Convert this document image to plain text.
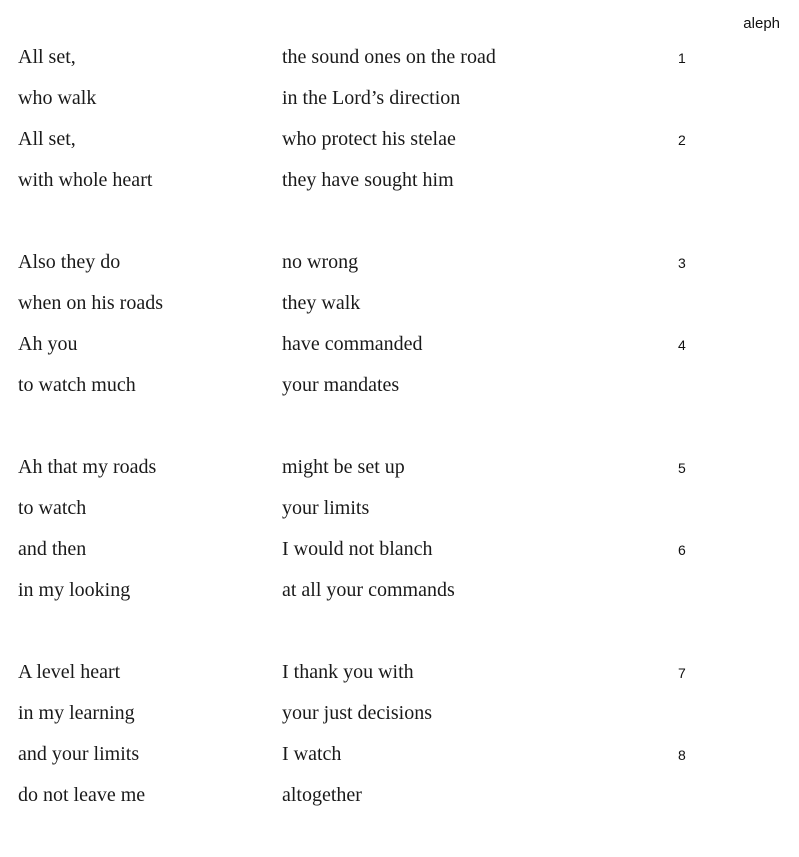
aleph
All set,	the sound ones on the road	1
who walk	in the Lord’s direction
All set,	who protect his stelae	2
with whole heart	they have sought him
Also they do	no wrong	3
when on his roads	they walk
Ah you	have commanded	4
to watch much	your mandates
Ah that my roads	might be set up	5
to watch	your limits
and then	I would not blanch	6
in my looking	at all your commands
A level heart	I thank you with	7
in my learning	your just decisions
and your limits	I watch	8
do not leave me	altogether
